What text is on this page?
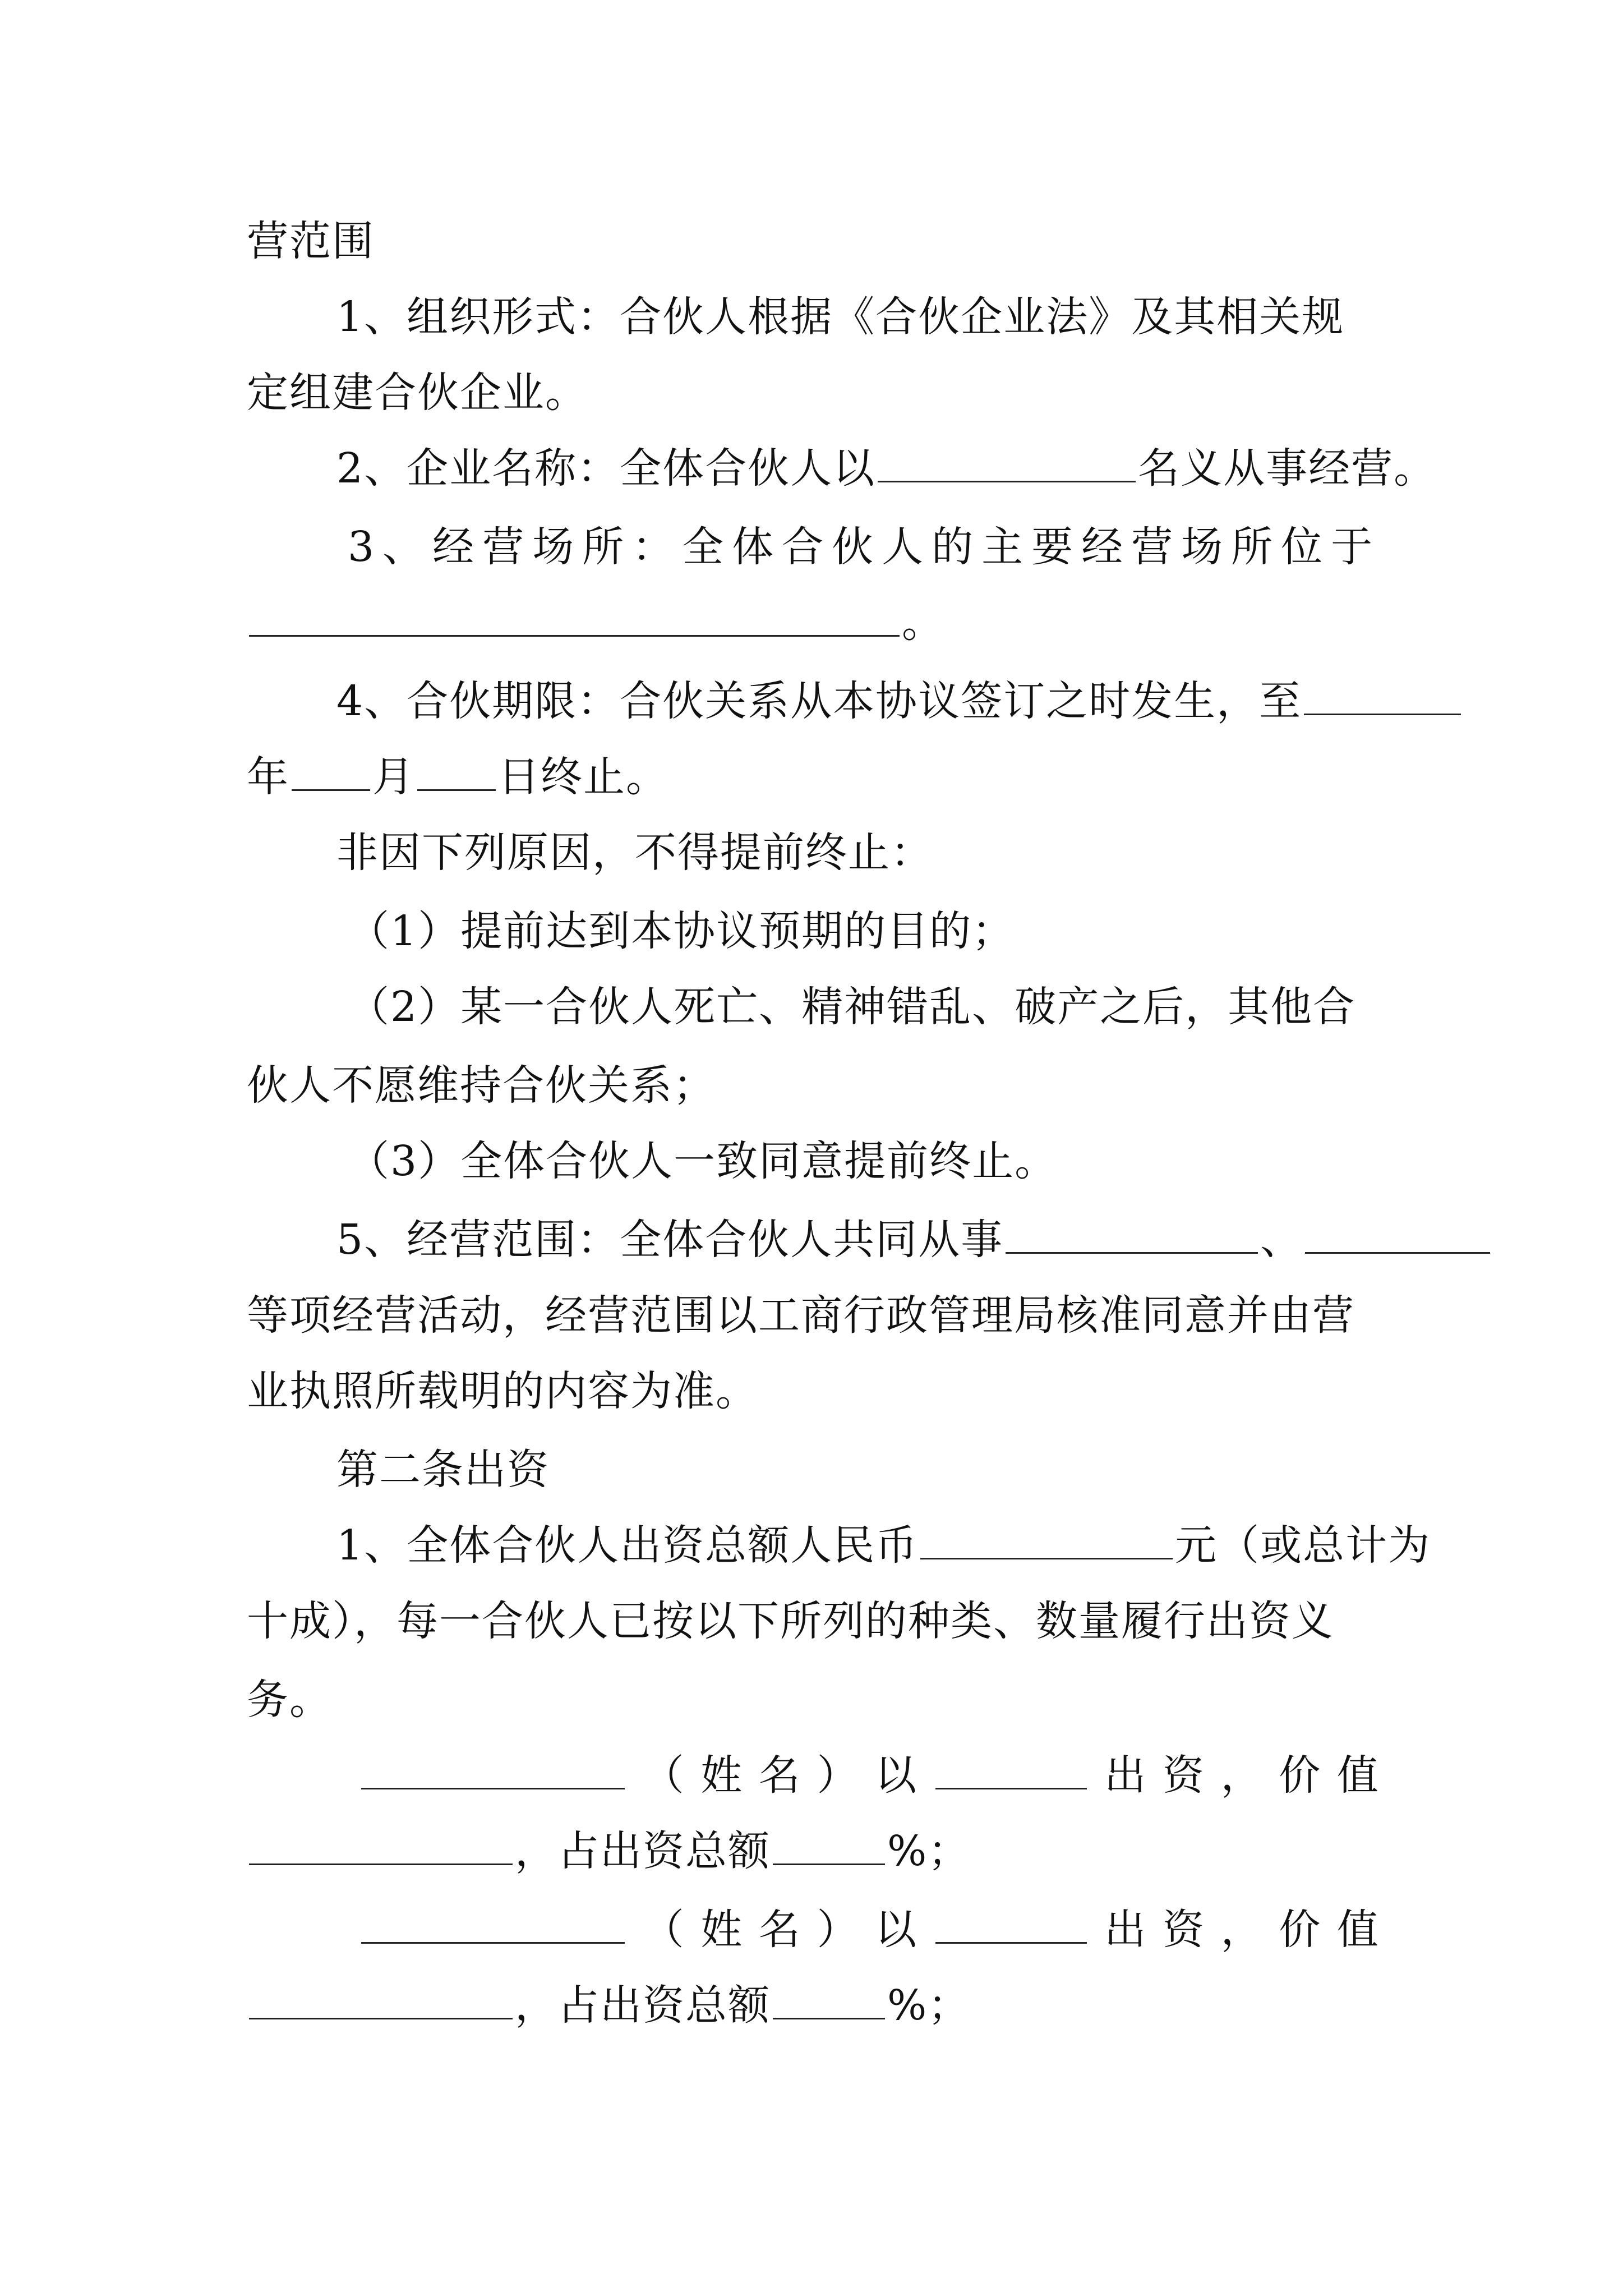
营范围
1、组织形式：合伙人根据《合伙企业法》及其相关规
定组建合伙企业。
2、企业名称：全体合伙人以	名义从事经营。
3、经营场所：全体合伙人的主要经营场所位于
。
4、合伙期限：合伙关系从本协议签订之时发生，至
年 月 日终止。
非因下列原因，不得提前终止：
（1）提前达到本协议预期的目的；
（2）某一合伙人死亡、精神错乱、破产之后，其他合
伙人不愿维持合伙关系；
（3）全体合伙人一致同意提前终止。
5、经营范围：全体合伙人共同从事	、
等项经营活动，经营范围以工商行政管理局核准同意并由营
业执照所载明的内容为准。
第二条出资
1、全体合伙人出资总额人民币	元（或总计为
十成），每一合伙人已按以下所列的种类、数量履行出资义
务。
（ 姓 名 ） 以	出 资 ， 价 值
，占出资总额	%；
（ 姓 名 ） 以	出 资 ， 价 值
，占出资总额	%；
